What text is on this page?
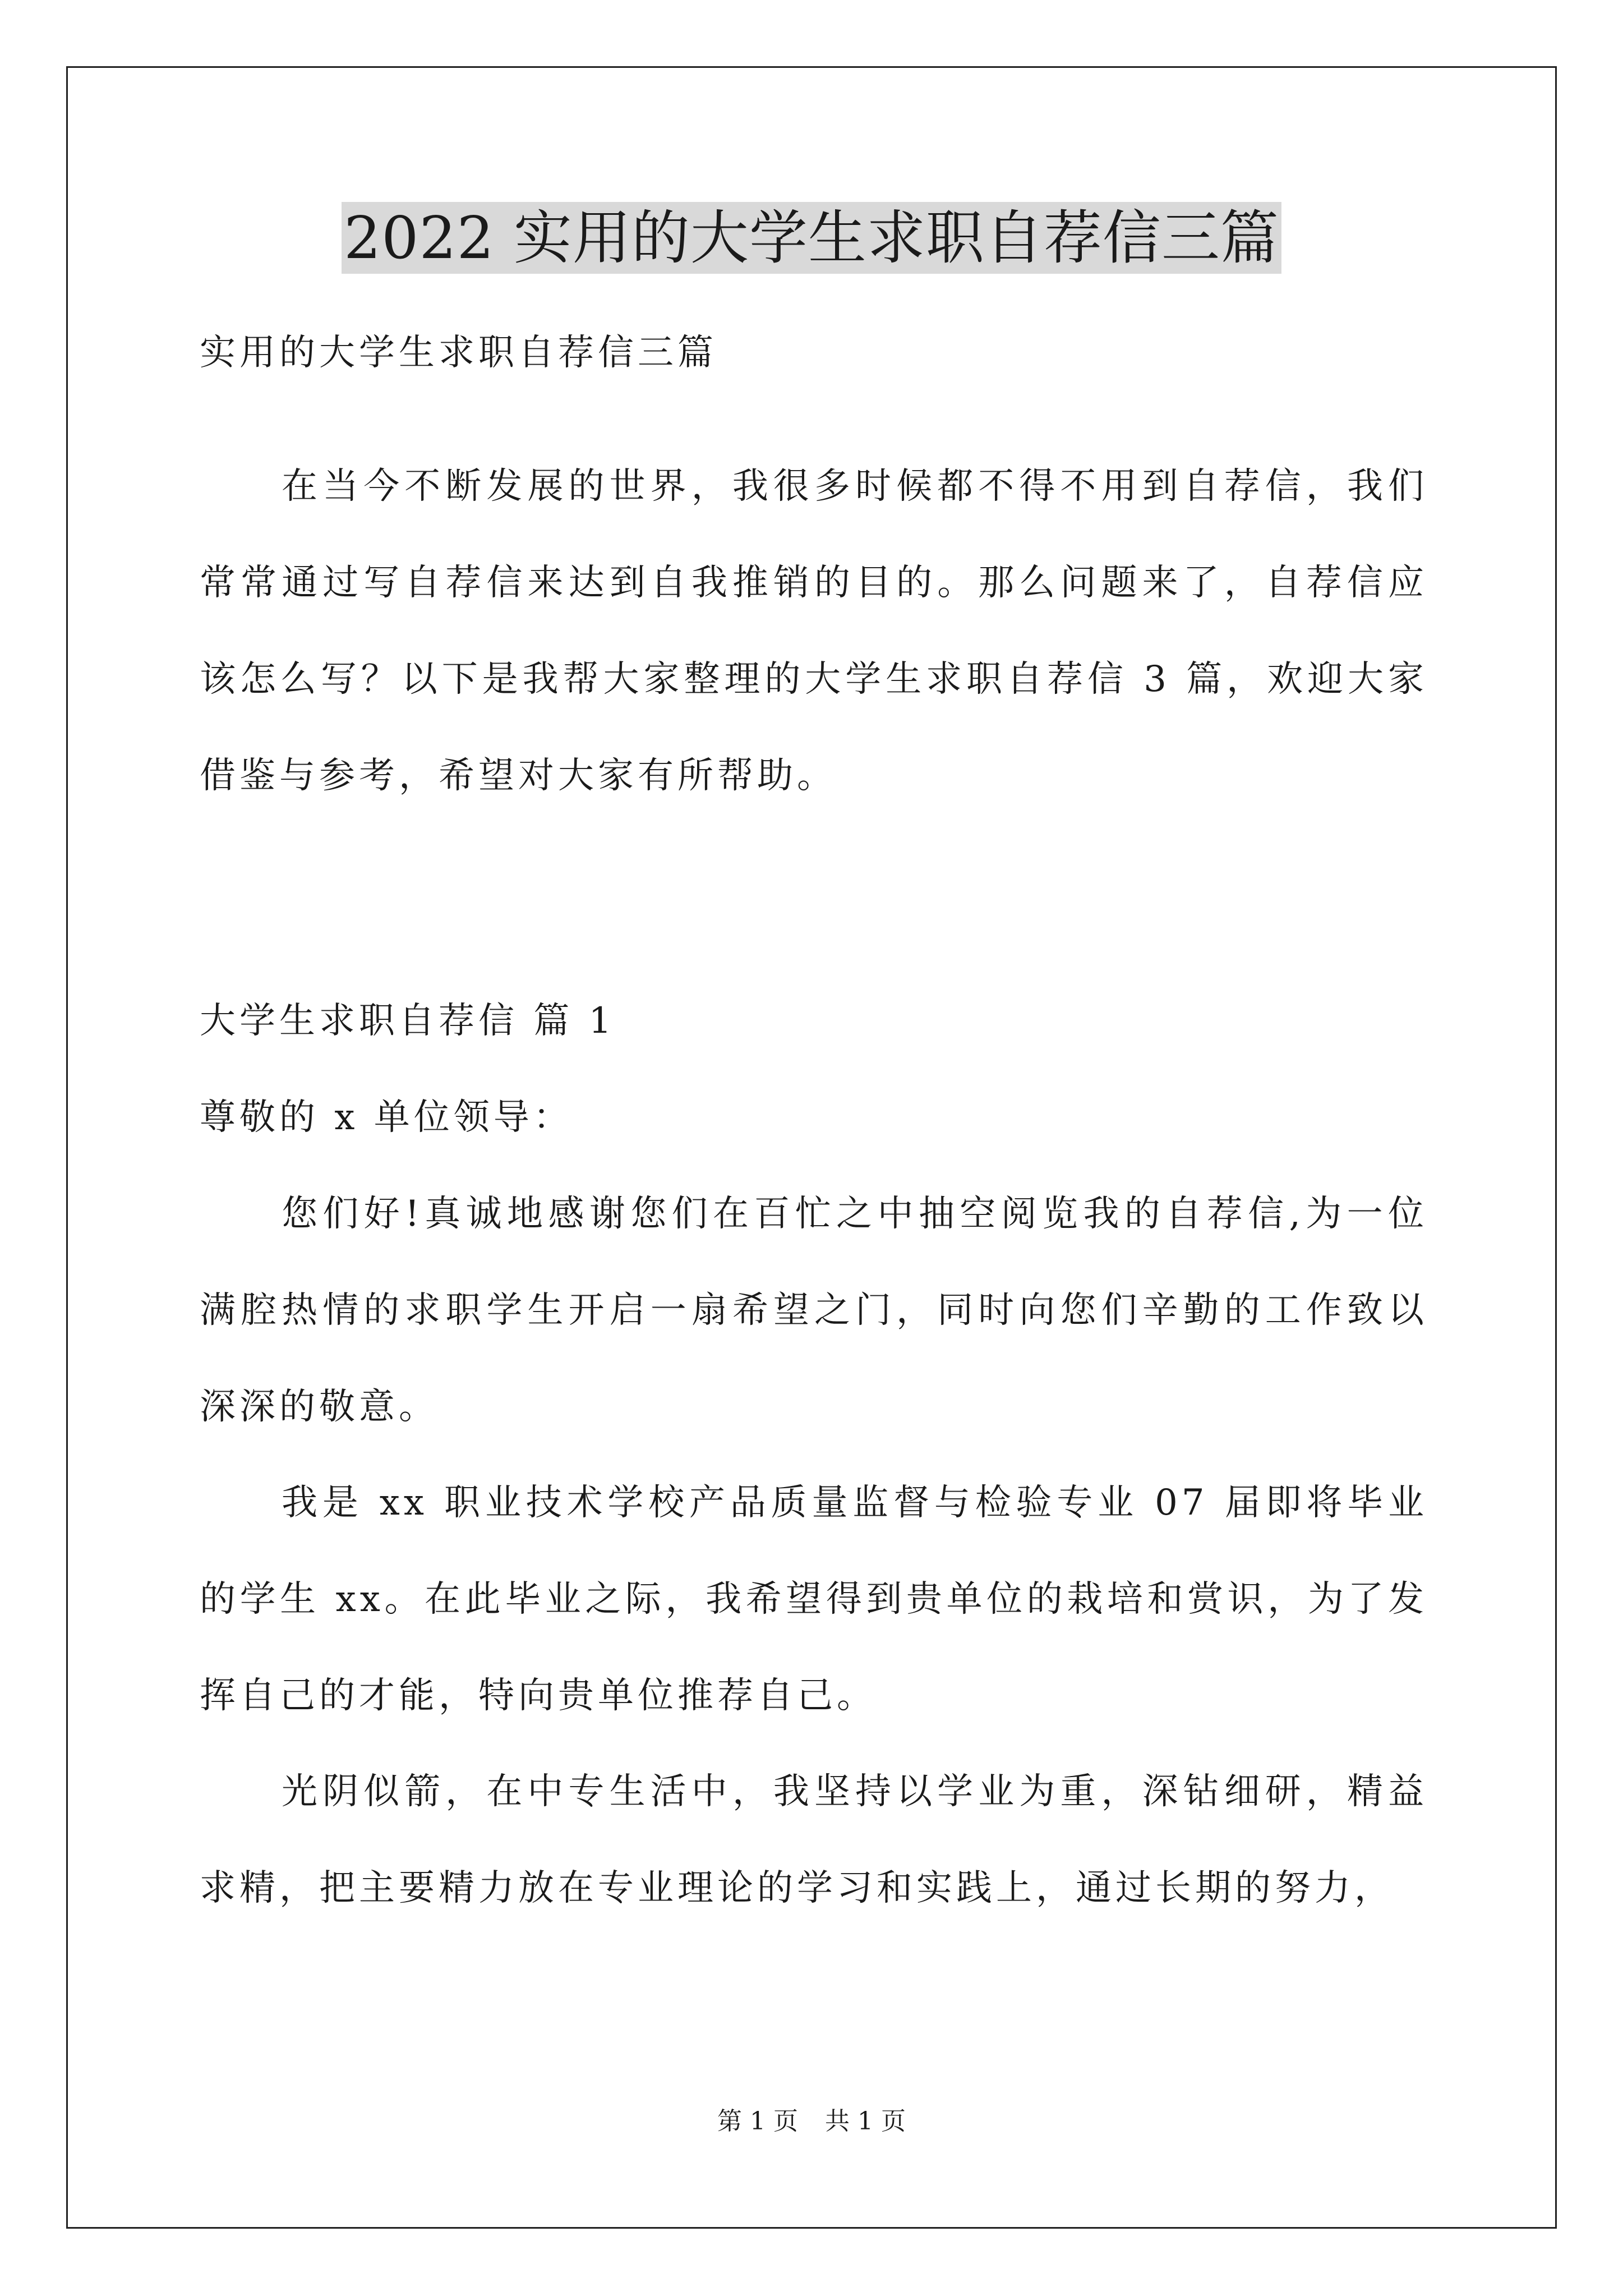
2022 实用的大学生求职自荐信三篇

实用的大学生求职自荐信三篇

在当今不断发展的世界，我很多时候都不得不用到自荐信，我们常常通过写自荐信来达到自我推销的目的。那么问题来了，自荐信应该怎么写？以下是我帮大家整理的大学生求职自荐信 3 篇，欢迎大家借鉴与参考，希望对大家有所帮助。

大学生求职自荐信 篇 1

尊敬的 x 单位领导：

您们好!真诚地感谢您们在百忙之中抽空阅览我的自荐信,为一位满腔热情的求职学生开启一扇希望之门，同时向您们辛勤的工作致以深深的敬意。

我是 xx 职业技术学校产品质量监督与检验专业 07 届即将毕业的学生 xx。在此毕业之际，我希望得到贵单位的栽培和赏识，为了发挥自己的才能，特向贵单位推荐自己。

光阴似箭，在中专生活中，我坚持以学业为重，深钻细研，精益求精，把主要精力放在专业理论的学习和实践上，通过长期的努力，

第 1 页 共 1 页
